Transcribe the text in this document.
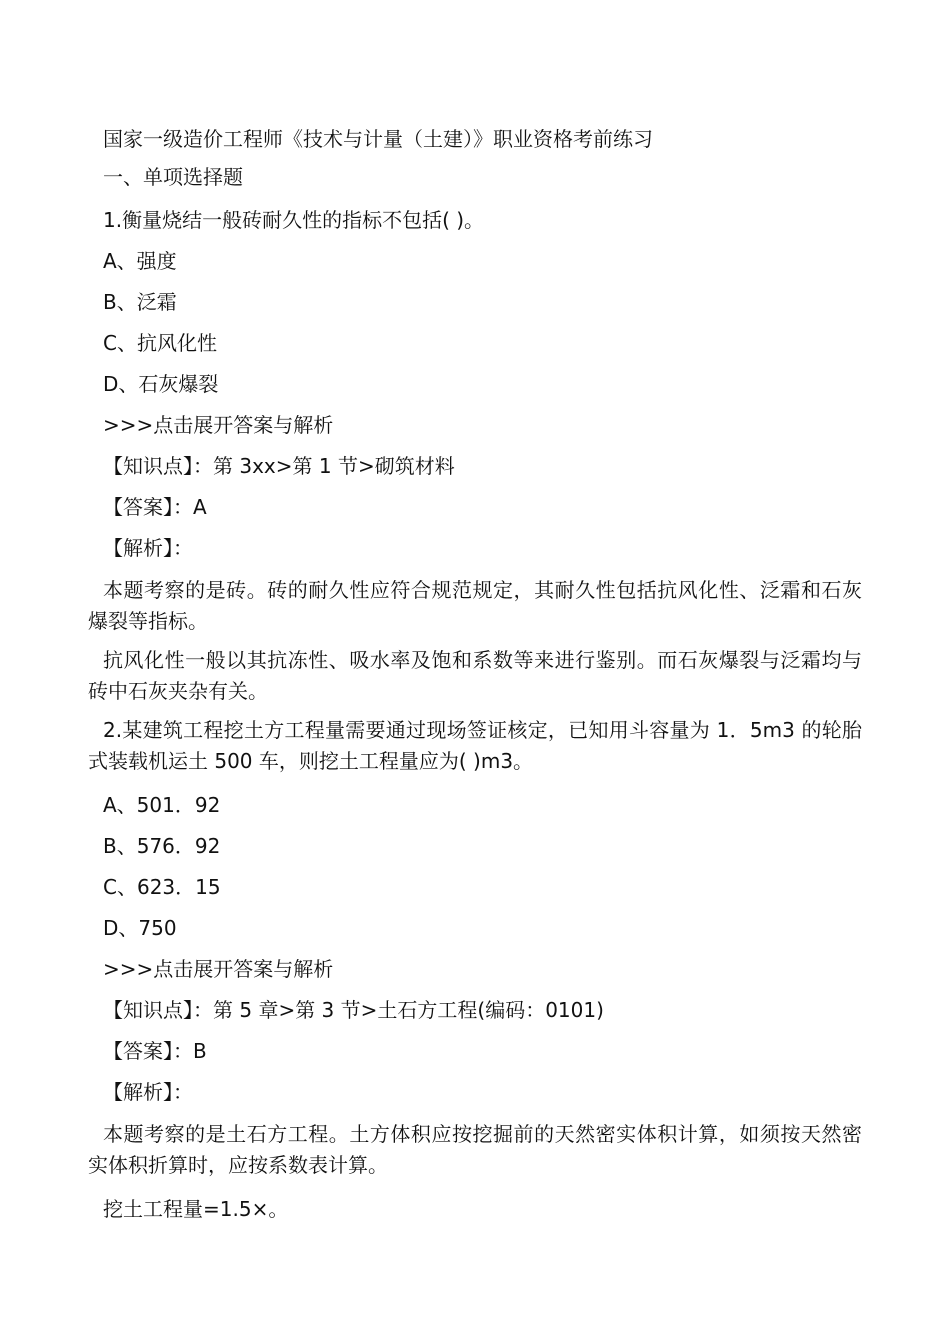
国家一级造价工程师《技术与计量（土建）》职业资格考前练习
一、单项选择题
1.衡量烧结一般砖耐久性的指标不包括( )。
A、强度
B、泛霜
C、抗风化性
D、石灰爆裂
>>>点击展开答案与解析
【知识点】：第 3xx>第 1 节>砌筑材料
【答案】：A
【解析】：
本题考察的是砖。砖的耐久性应符合规范规定，其耐久性包括抗风化性、泛霜和石灰爆裂等指标。
抗风化性一般以其抗冻性、吸水率及饱和系数等来进行鉴别。而石灰爆裂与泛霜均与砖中石灰夹杂有关。
2.某建筑工程挖土方工程量需要通过现场签证核定，已知用斗容量为 1．5m3 的轮胎式装载机运土 500 车，则挖土工程量应为( )m3。
A、501．92
B、576．92
C、623．15
D、750
>>>点击展开答案与解析
【知识点】：第 5 章>第 3 节>土石方工程(编码：0101)
【答案】：B
【解析】：
本题考察的是土石方工程。土方体积应按挖掘前的天然密实体积计算，如须按天然密实体积折算时，应按系数表计算。
挖土工程量=1.5×。
